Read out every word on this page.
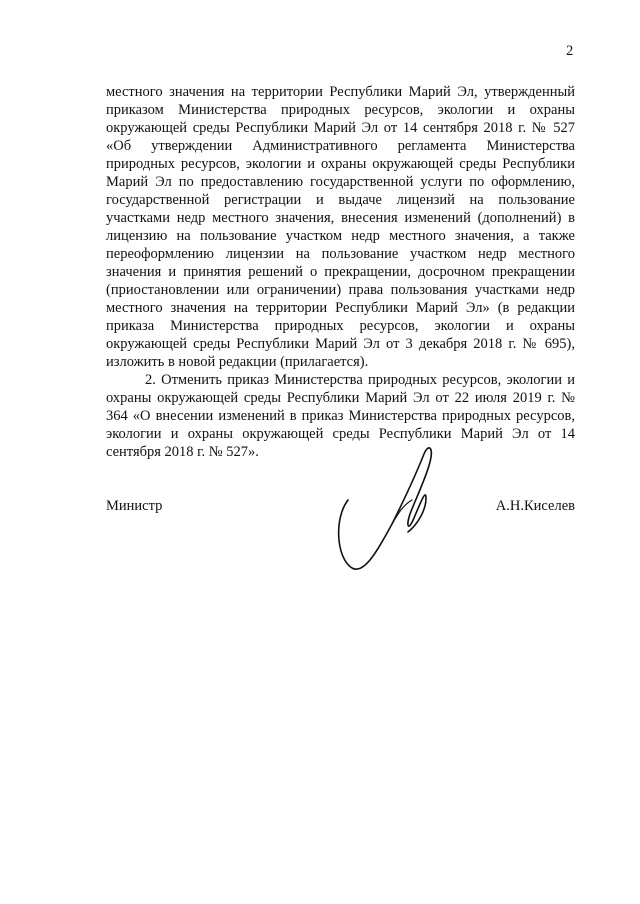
2

местного значения на территории Республики Марий Эл, утвержденный приказом Министерства природных ресурсов, экологии и охраны окружающей среды Республики Марий Эл от 14 сентября 2018 г. № 527 «Об утверждении Административного регламента Министерства природных ресурсов, экологии и охраны окружающей среды Республики Марий Эл по предоставлению государственной услуги по оформлению, государственной регистрации и выдаче лицензий на пользование участками недр местного значения, внесения изменений (дополнений) в лицензию на пользование участком недр местного значения, а также переоформлению лицензии на пользование участком недр местного значения и принятия решений о прекращении, досрочном прекращении (приостановлении или ограничении) права пользования участками недр местного значения на территории Республики Марий Эл» (в редакции приказа Министерства природных ресурсов, экологии и охраны окружающей среды Республики Марий Эл от 3 декабря 2018 г. № 695), изложить в новой редакции (прилагается).

2. Отменить приказ Министерства природных ресурсов, экологии и охраны окружающей среды Республики Марий Эл от 22 июля 2019 г. № 364 «О внесении изменений в приказ Министерства природных ресурсов, экологии и охраны окружающей среды Республики Марий Эл от 14 сентября 2018 г. № 527».

Министр	А.Н.Киселев
